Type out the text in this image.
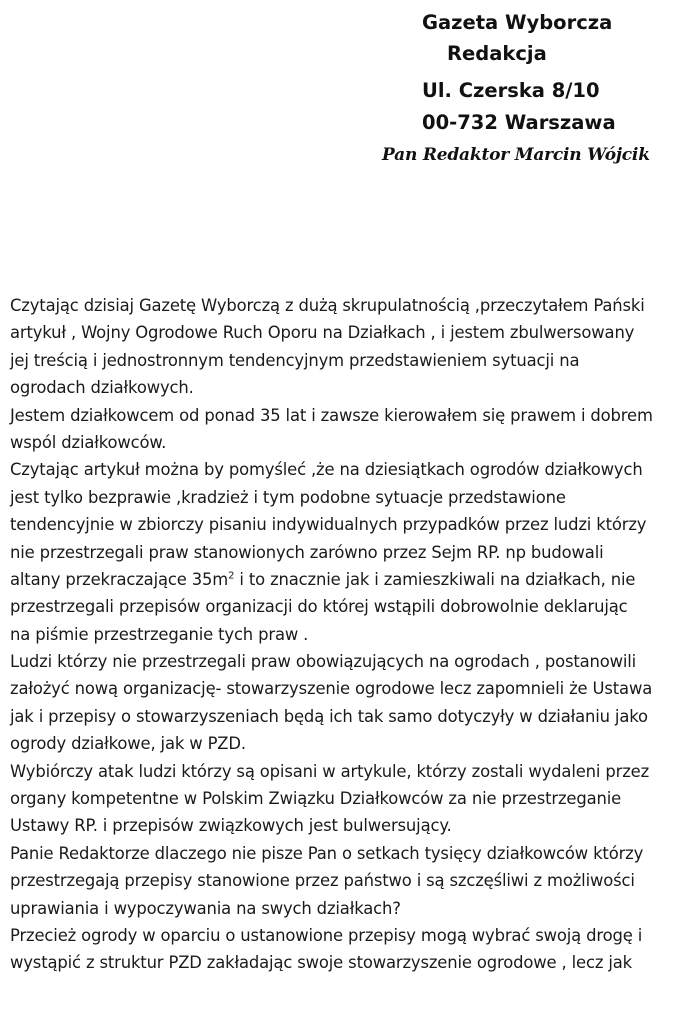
Gazeta Wyborcza
Redakcja
Ul. Czerska 8/10
00-732 Warszawa
Pan Redaktor Marcin Wójcik
Czytając dzisiaj Gazetę Wyborczą z dużą skrupulatnością ,przeczytałem Pański
artykuł , Wojny Ogrodowe Ruch Oporu na Działkach , i jestem zbulwersowany
jej treścią i jednostronnym tendencyjnym przedstawieniem sytuacji na
ogrodach działkowych.
Jestem działkowcem od ponad 35 lat i zawsze kierowałem się prawem i dobrem
wspól działkowców.
Czytając artykuł można by pomyśleć ,że na dziesiątkach ogrodów działkowych
jest tylko bezprawie ,kradzież i tym podobne sytuacje przedstawione
tendencyjnie w zbiorczy pisaniu indywidualnych przypadków przez ludzi którzy
nie przestrzegali praw stanowionych zarówno przez Sejm RP. np budowali
altany przekraczające $35m^2$ i to znacznie jak i zamieszkiwali na działkach, nie
przestrzegali przepisów organizacji do której wstąpili dobrowolnie deklarując
na piśmie przestrzeganie tych praw .
Ludzi którzy nie przestrzegali praw obowiązujących na ogrodach , postanowili
założyć nową organizację- stowarzyszenie ogrodowe lecz zapomnieli że Ustawa
jak i przepisy o stowarzyszeniach będą ich tak samo dotyczyły w działaniu jako
ogrody działkowe, jak w PZD.
Wybiórczy atak ludzi którzy są opisani w artykule, którzy zostali wydaleni przez
organy kompetentne w Polskim Związku Działkowców za nie przestrzeganie
Ustawy RP. i przepisów związkowych jest bulwersujący.
Panie Redaktorze dlaczego nie pisze Pan o setkach tysięcy działkowców którzy
przestrzegają przepisy stanowione przez państwo i są szczęśliwi z możliwości
uprawiania i wypoczywania na swych działkach?
Przecież ogrody w oparciu o ustanowione przepisy mogą wybrać swoją drogę i
wystąpić z struktur PZD zakładając swoje stowarzyszenie ogrodowe , lecz jak
